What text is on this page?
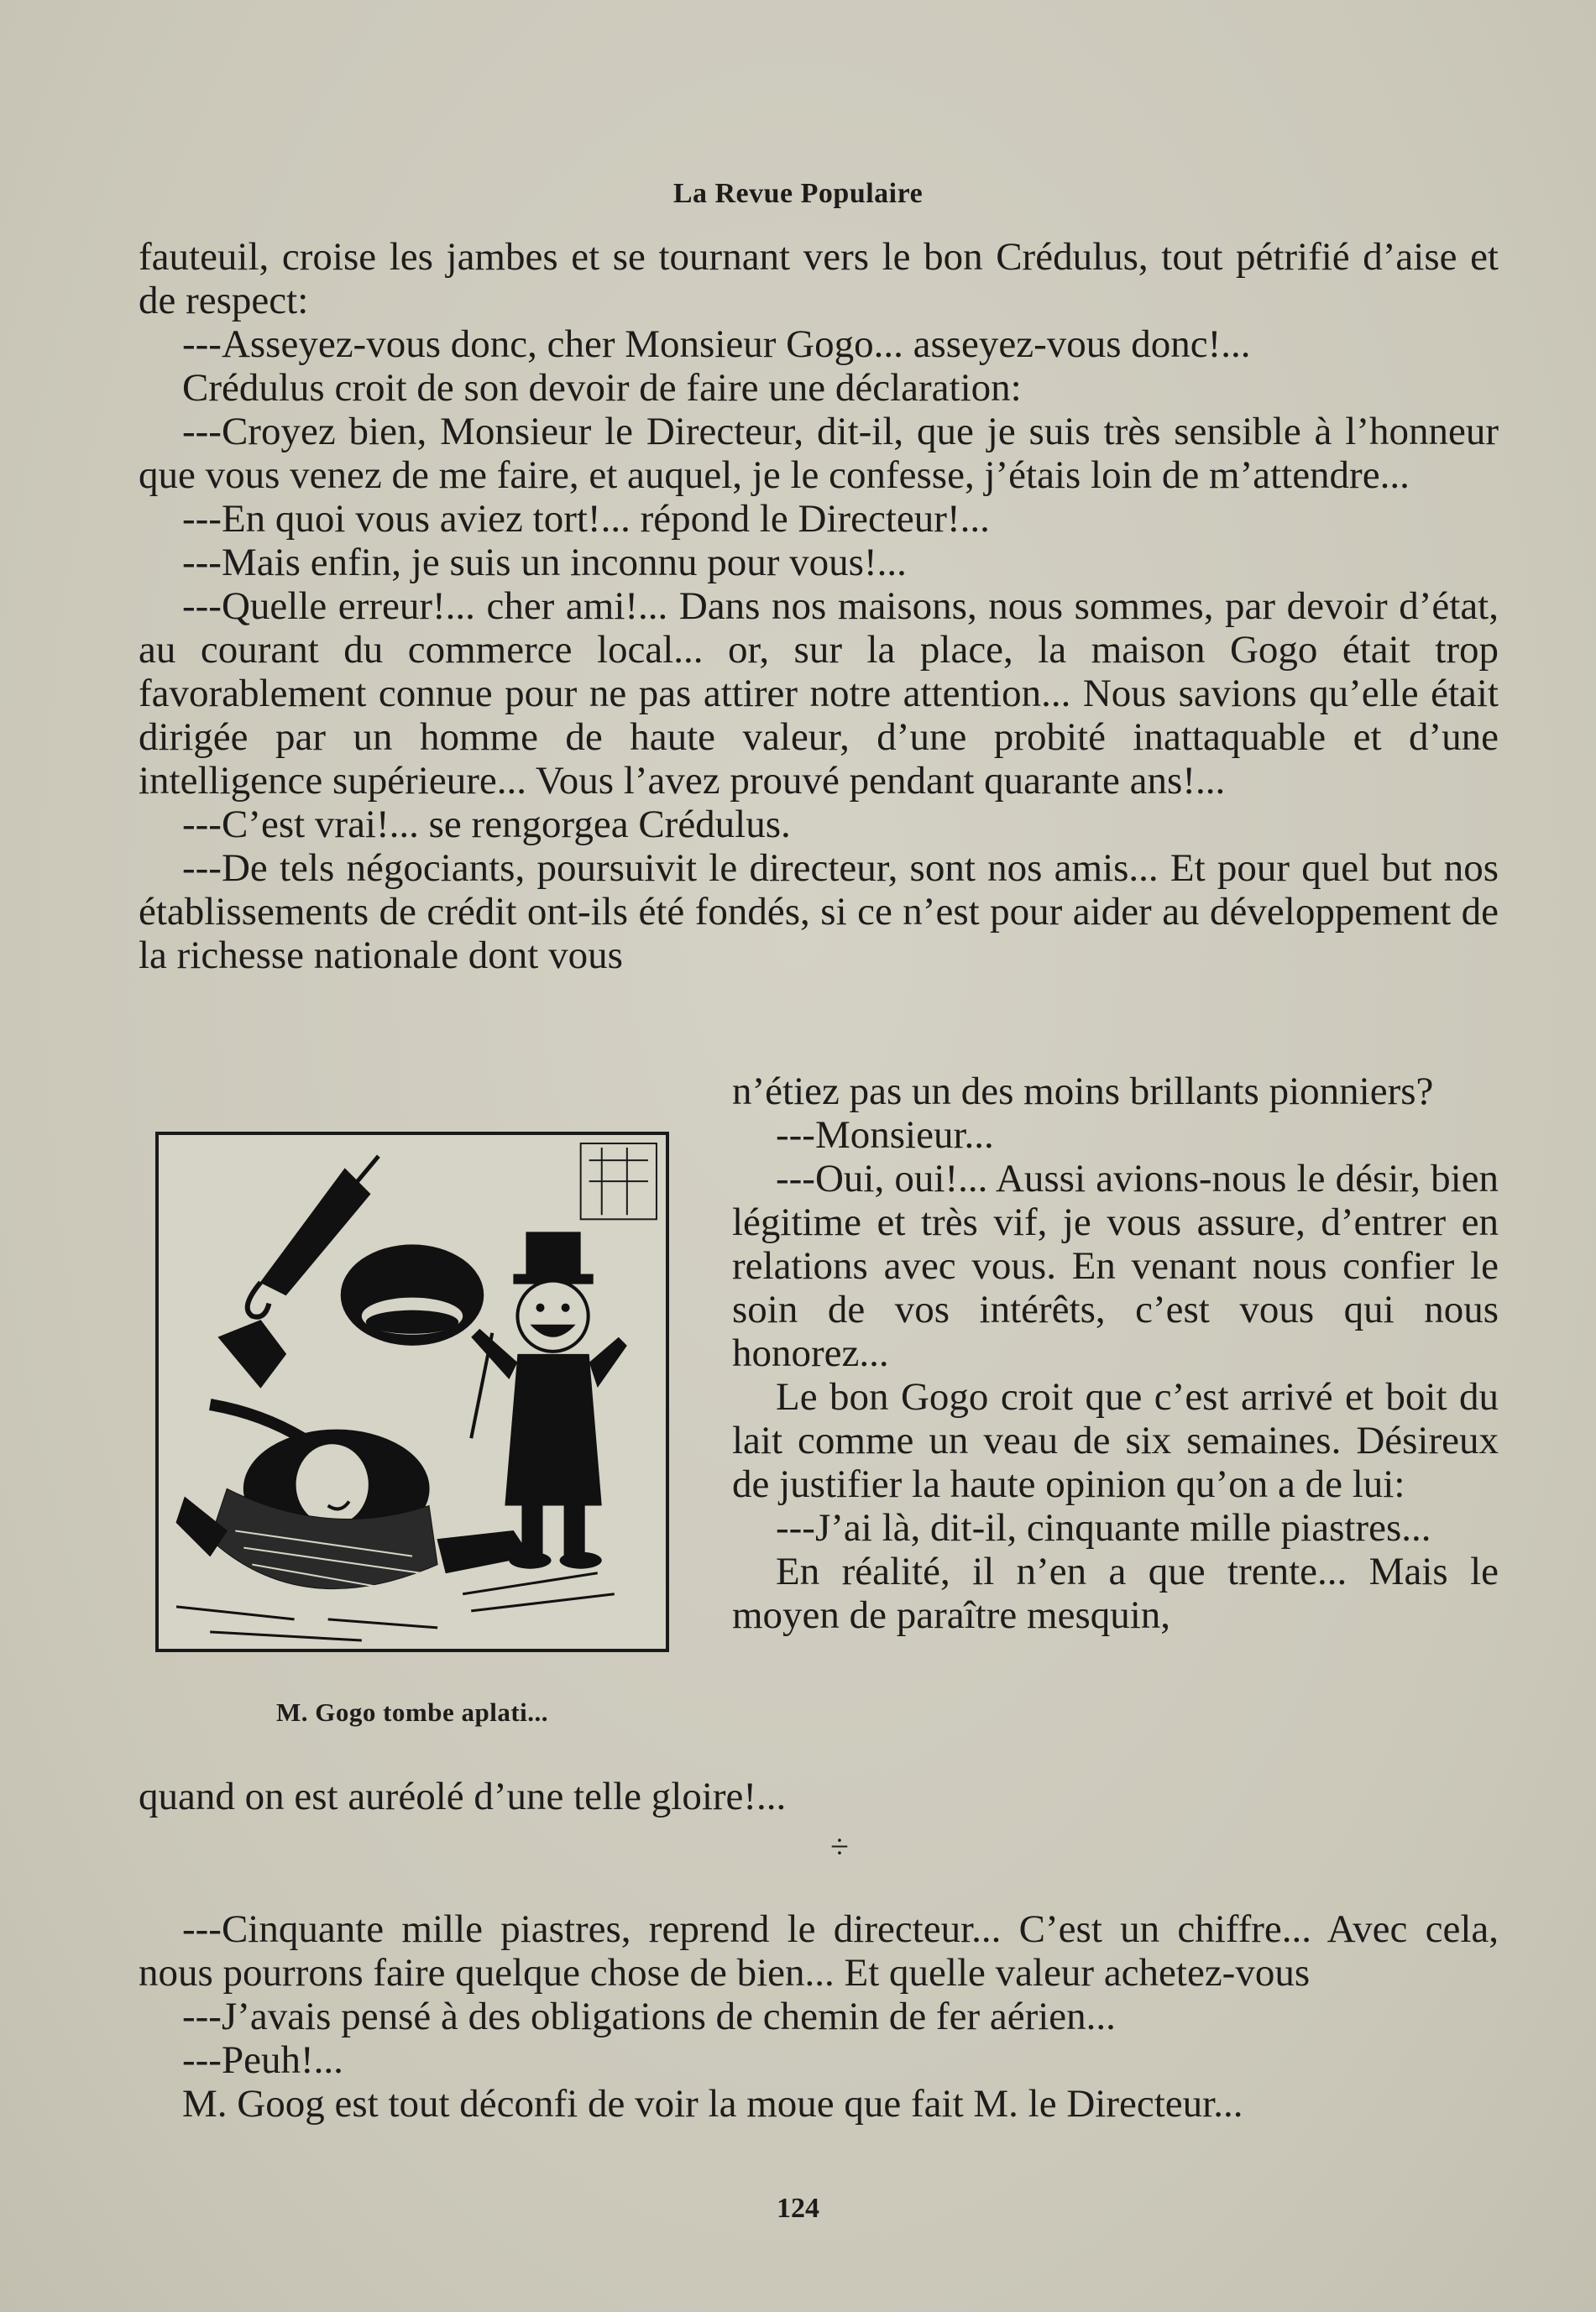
La Revue Populaire

fauteuil, croise les jambes et se tournant vers le bon Crédulus, tout pétrifié d’aise et de respect:

---Asseyez-vous donc, cher Monsieur Gogo... asseyez-vous donc!...

Crédulus croit de son devoir de faire une déclaration:

---Croyez bien, Monsieur le Directeur, dit-il, que je suis très sensible à l’honneur que vous venez de me faire, et auquel, je le confesse, j’étais loin de m’attendre...

---En quoi vous aviez tort!... répond le Directeur!...

---Mais enfin, je suis un inconnu pour vous!...

---Quelle erreur!... cher ami!... Dans nos maisons, nous sommes, par devoir d’état, au courant du commerce local... or, sur la place, la maison Gogo était trop favorablement connue pour ne pas attirer notre attention... Nous savions qu’elle était dirigée par un homme de haute valeur, d’une probité inattaquable et d’une intelligence supérieure... Vous l’avez prouvé pendant quarante ans!...

---C’est vrai!... se rengorgea Crédulus.

---De tels négociants, poursuivit le directeur, sont nos amis... Et pour quel but nos établissements de crédit ont-ils été fondés, si ce n’est pour aider au développement de la richesse nationale dont vous

M. Gogo tombe aplati...

n’étiez pas un des moins brillants pionniers?

---Monsieur...

---Oui, oui!... Aussi avions-nous le désir, bien légitime et très vif, je vous assure, d’entrer en relations avec vous. En venant nous confier le soin de vos intérêts, c’est vous qui nous honorez...

Le bon Gogo croit que c’est arrivé et boit du lait comme un veau de six semaines. Désireux de justifier la haute opinion qu’on a de lui:

---J’ai là, dit-il, cinquante mille piastres...

En réalité, il n’en a que trente... Mais le moyen de paraître mesquin,

quand on est auréolé d’une telle gloire!...

÷

---Cinquante mille piastres, reprend le directeur... C’est un chiffre... Avec cela, nous pourrons faire quelque chose de bien... Et quelle valeur achetez-vous

---J’avais pensé à des obligations de chemin de fer aérien...

---Peuh!...

M. Goog est tout déconfi de voir la moue que fait M. le Directeur...

124
